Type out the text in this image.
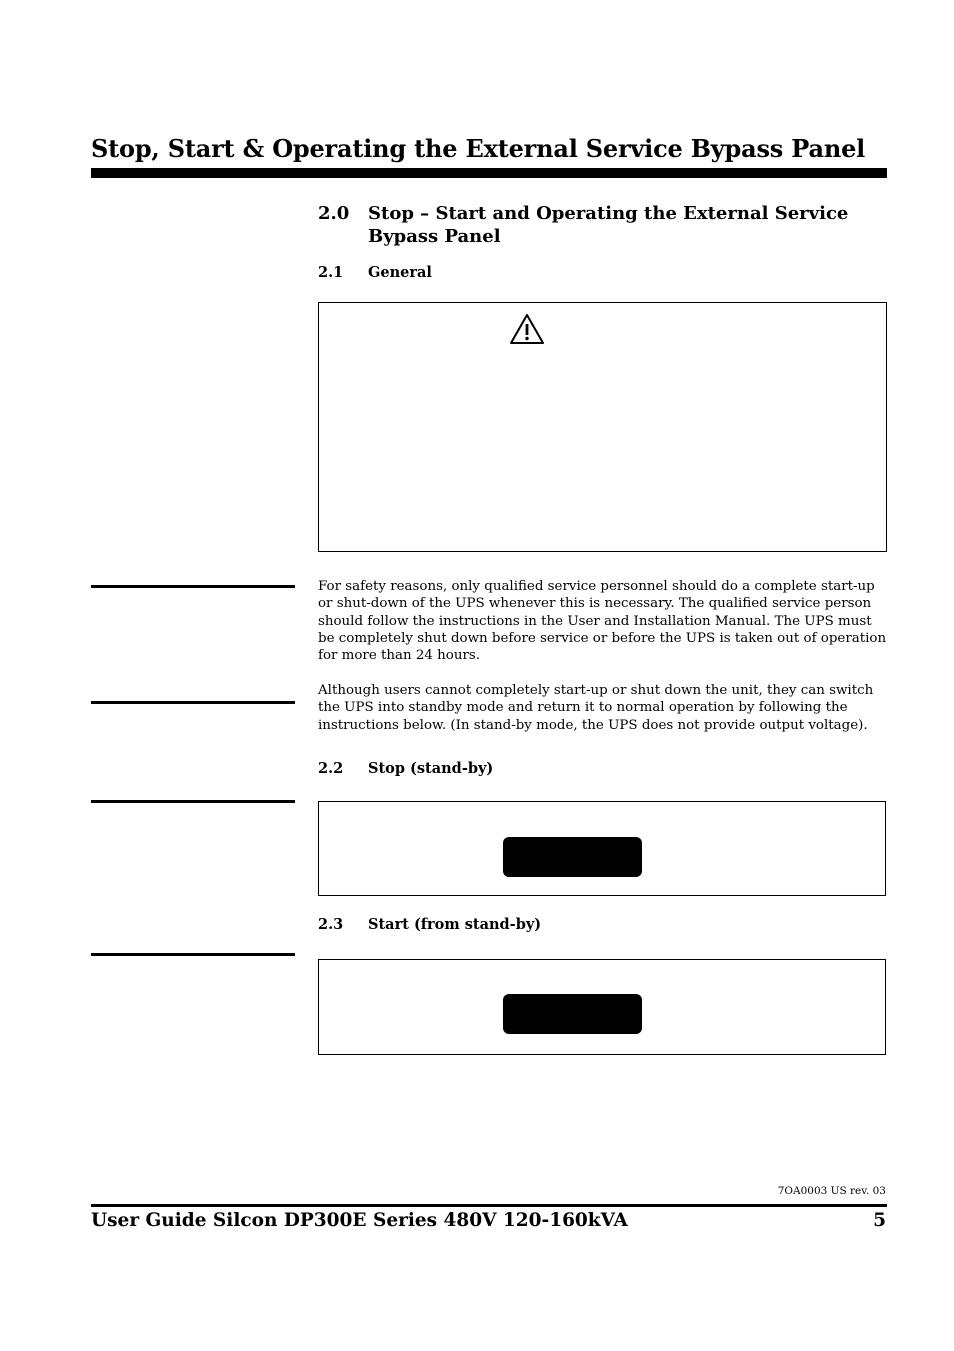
Stop, Start & Operating the External Service Bypass Panel
2.0 Stop – Start and Operating the External Service
Bypass Panel
2.1 General
For safety reasons, only qualified service personnel should do a complete start-up or shut-down of the UPS whenever this is necessary. The qualified service person should follow the instructions in the User and Installation Manual. The UPS must be completely shut down before service or before the UPS is taken out of operation for more than 24 hours.
Although users cannot completely start-up or shut down the unit, they can switch the UPS into standby mode and return it to normal operation by following the instructions below. (In stand-by mode, the UPS does not provide output voltage).
2.2 Stop (stand-by)
2.3 Start (from stand-by)
7OA0003 US rev. 03
User Guide Silcon DP300E Series 480V 120-160kVA	5
